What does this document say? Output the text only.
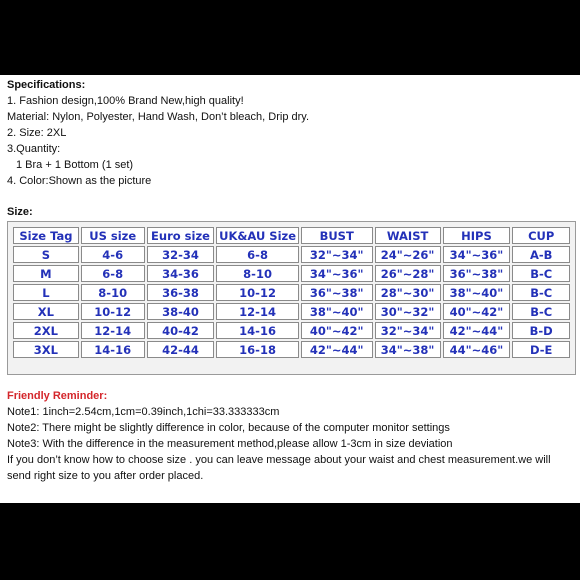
Specifications:
1. Fashion design,100% Brand New,high quality!
Material: Nylon, Polyester, Hand Wash, Don’t bleach, Drip dry.
2. Size: 2XL
3.Quantity:
1 Bra + 1 Bottom (1 set)
4. Color:Shown as the picture
Size:
Size Tag	US size	Euro size	UK&AU Size	BUST	WAIST	HIPS	CUP
S	4-6	32-34	6-8	32"~34"	24"~26"	34"~36"	A-B
M	6-8	34-36	8-10	34"~36"	26"~28"	36"~38"	B-C
L	8-10	36-38	10-12	36"~38"	28"~30"	38"~40"	B-C
XL	10-12	38-40	12-14	38"~40"	30"~32"	40"~42"	B-C
2XL	12-14	40-42	14-16	40"~42"	32"~34"	42"~44"	B-D
3XL	14-16	42-44	16-18	42"~44"	34"~38"	44"~46"	D-E
Friendly Reminder:
Note1: 1inch=2.54cm,1cm=0.39inch,1chi=33.333333cm
Note2: There might be slightly difference in color, because of the computer monitor settings
Note3: With the difference in the measurement method,please allow 1-3cm in size deviation
If you don’t know how to choose size . you can leave message about your waist and chest measurement.we will
send right size to you after order placed.
